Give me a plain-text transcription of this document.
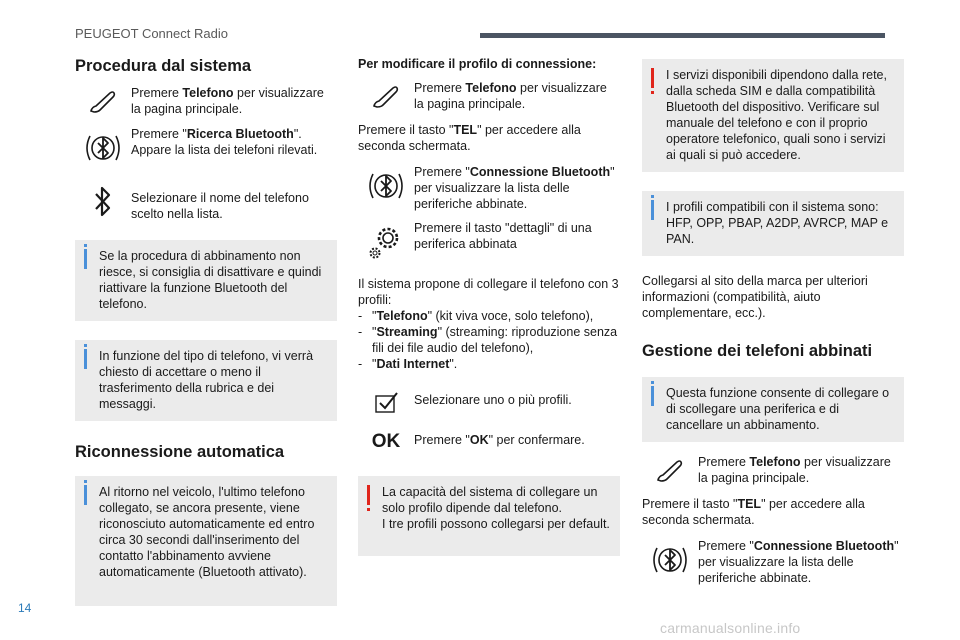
PEUGEOT Connect Radio
Procedura dal sistema
Premere Telefono per visualizzare la pagina principale.
Premere "Ricerca Bluetooth". Appare la lista dei telefoni rilevati.
Selezionare il nome del telefono scelto nella lista.

Se la procedura di abbinamento non riesce, si consiglia di disattivare e quindi riattivare la funzione Bluetooth del telefono.

In funzione del tipo di telefono, vi verrà chiesto di accettare o meno il trasferimento della rubrica e dei messaggi.

Riconnessione automatica

Al ritorno nel veicolo, l'ultimo telefono collegato, se ancora presente, viene riconosciuto automaticamente ed entro circa 30 secondi dall'inserimento del contatto l'abbinamento avviene automaticamente (Bluetooth attivato).

Per modificare il profilo di connessione:

Premere Telefono per visualizzare la pagina principale.

Premere il tasto "TEL" per accedere alla seconda schermata.

Premere "Connessione Bluetooth" per visualizzare la lista delle periferiche abbinate.
Premere il tasto "dettagli" di una periferica abbinata

Il sistema propone di collegare il telefono con 3 profili:

- "Telefono" (kit viva voce, solo telefono),
- "Streaming" (streaming: riproduzione senza fili dei file audio del telefono),
- "Dati Internet".
Selezionare uno o più profili.
OK Premere "OK" per confermare.

La capacità del sistema di collegare un solo profilo dipende dal telefono.

I tre profili possono collegarsi per default.

I servizi disponibili dipendono dalla rete, dalla scheda SIM e dalla compatibilità Bluetooth del dispositivo. Verificare sul manuale del telefono e con il proprio operatore telefonico, quali sono i servizi ai quali si può accedere.

I profili compatibili con il sistema sono: HFP, OPP, PBAP, A2DP, AVRCP, MAP e PAN.

Collegarsi al sito della marca per ulteriori informazioni (compatibilità, aiuto complementare, ecc.).

Gestione dei telefoni abbinati

Questa funzione consente di collegare o di scollegare una periferica e di cancellare un abbinamento.

Premere Telefono per visualizzare la pagina principale.

Premere il tasto "TEL" per accedere alla seconda schermata.

Premere "Connessione Bluetooth" per visualizzare la lista delle periferiche abbinate.
14
carmanualsonline.info
